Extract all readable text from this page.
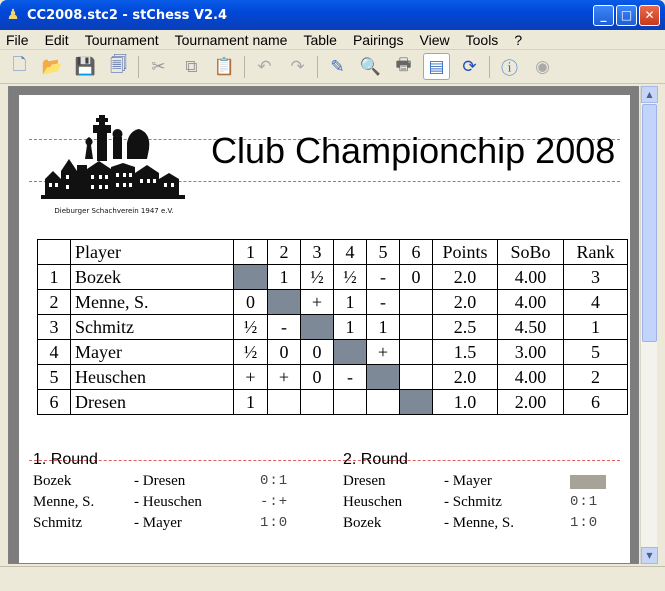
♟ CC2008.stc2 - stChess V2.4	_	□	✕
File Edit Tournament Tournament name Table Pairings View Tools ?
🗋 📂 💾 🗐	✂	⧉ 📋	↶	↷	✎ 🔍 🖶 ▤	⟳	ⓘ	◉
Dieburger Schachverein 1947 e.V.
Club Championchip 2008
	Player	1	2	3	4	5	6	Points	SoBo	Rank
1	Bozek		1	½	½	-	0	2.0	4.00	3
2	Menne, S.	0		+	1	-		2.0	4.00	4
3	Schmitz	½	-		1	1		2.5	4.50	1
4	Mayer	½	0	0		+		1.5	3.00	5
5	Heuschen	+	+	0	-			2.0	4.00	2
6	Dresen	1						1.0	2.00	6
1. Round
Bozek	- Dresen	0:1
Menne, S.	- Heuschen	-:+
Schmitz	- Mayer	1:0
2. Round
Dresen	- Mayer
Heuschen	- Schmitz	0:1
Bozek	- Menne, S.	1:0
▲
▼
